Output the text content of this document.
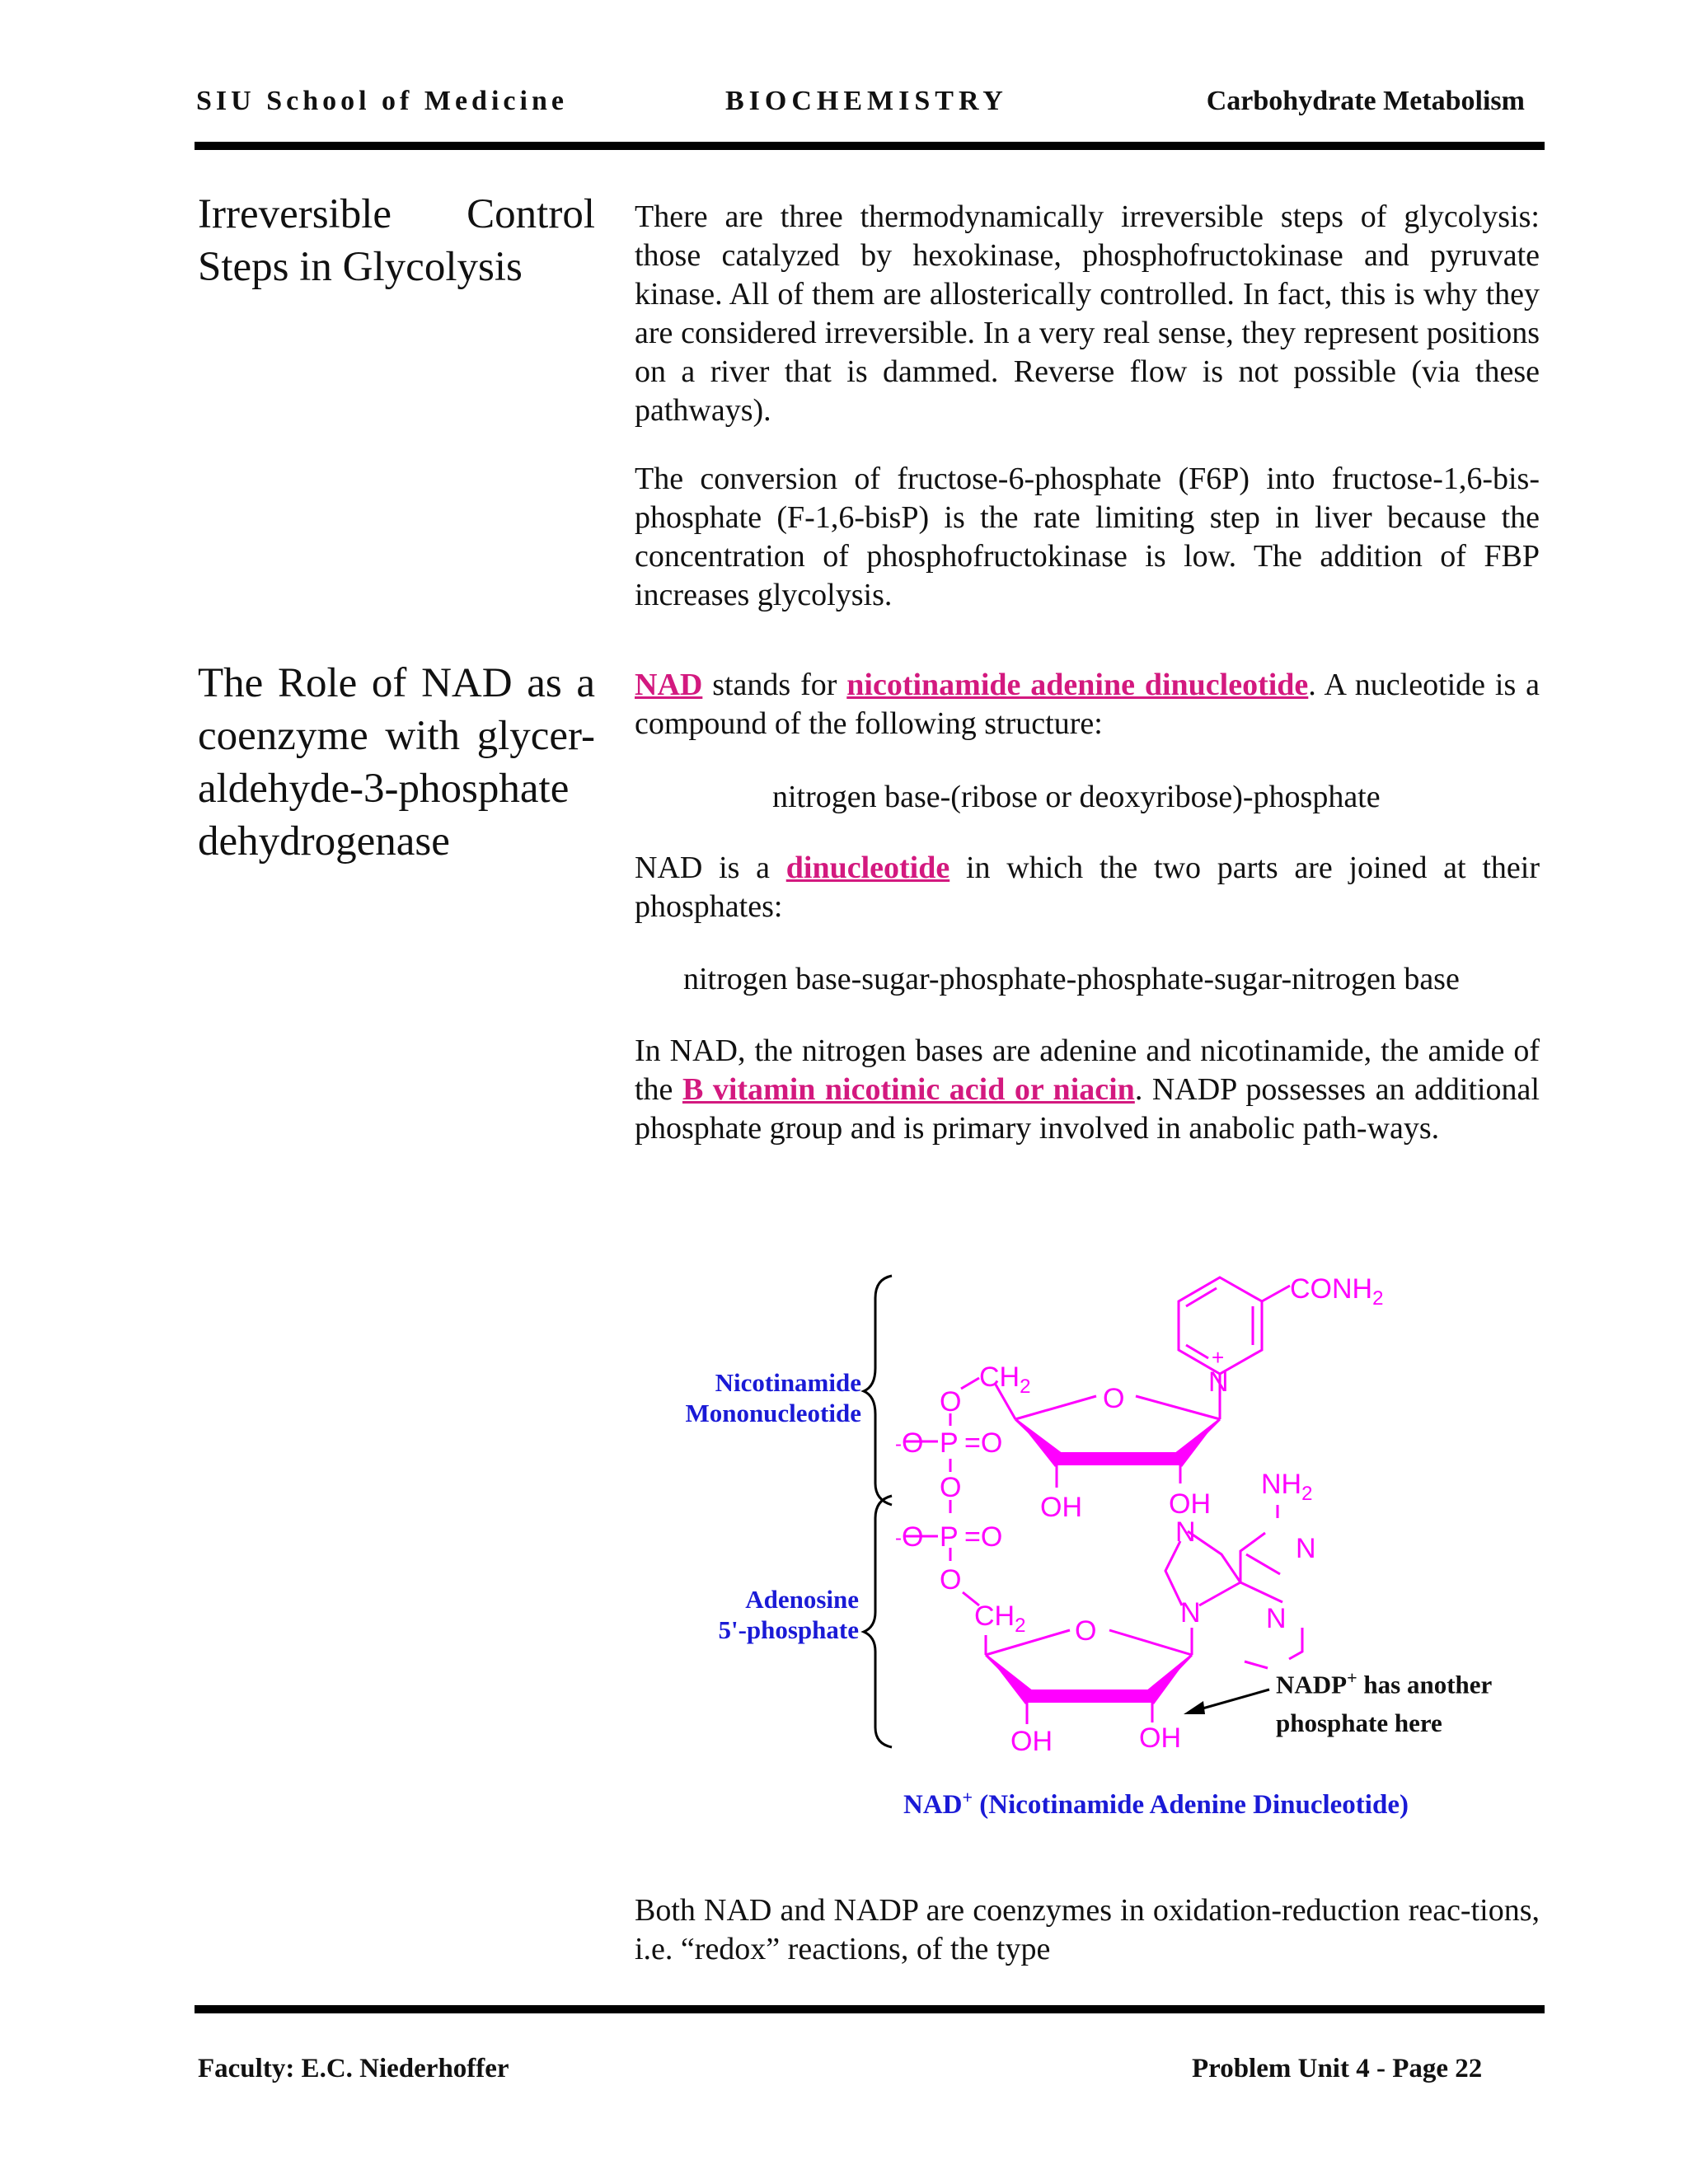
SIU School of Medicine	BIOCHEMISTRY	Carbohydrate Metabolism
Irreversible Control Steps in Glycolysis

There are three thermodynamically irreversible steps of glycolysis: those catalyzed by hexokinase, phosphofructokinase and pyruvate kinase. All of them are allosterically controlled. In fact, this is why they are considered irreversible. In a very real sense, they represent positions on a river that is dammed. Reverse flow is not possible (via these pathways).

The conversion of fructose-6-phosphate (F6P) into fructose-1,6-bis-phosphate (F-1,6-bisP) is the rate limiting step in liver because the concentration of phosphofructokinase is low. The addition of FBP increases glycolysis.

The Role of NAD as a coenzyme with glycer-aldehyde-3-phosphate dehydrogenase

NAD stands for nicotinamide adenine dinucleotide. A nucleotide is a compound of the following structure:

nitrogen base-(ribose or deoxyribose)-phosphate

NAD is a dinucleotide in which the two parts are joined at their phosphates:

nitrogen base-sugar-phosphate-phosphate-sugar-nitrogen base

In NAD, the nitrogen bases are adenine and nicotinamide, the amide of the B vitamin nicotinic acid or niacin. NADP possesses an additional phosphate group and is primary involved in anabolic path-ways.

Nicotinamide
Mononucleotide
Adenosine
5'-phosphate
$CONH_2$
N
+
O
$CH_2$
O
- O P =O
O
- O P =O
O
$CH_2$ O
OH	OH
OH	OH
$NH_2$
N
N
N N
NADP+ has another
phosphate here
NAD+ (Nicotinamide Adenine Dinucleotide)

Both NAD and NADP are coenzymes in oxidation-reduction reac-tions, i.e. “redox” reactions, of the type

Faculty: E.C. Niederhoffer	Problem Unit 4 - Page 22
